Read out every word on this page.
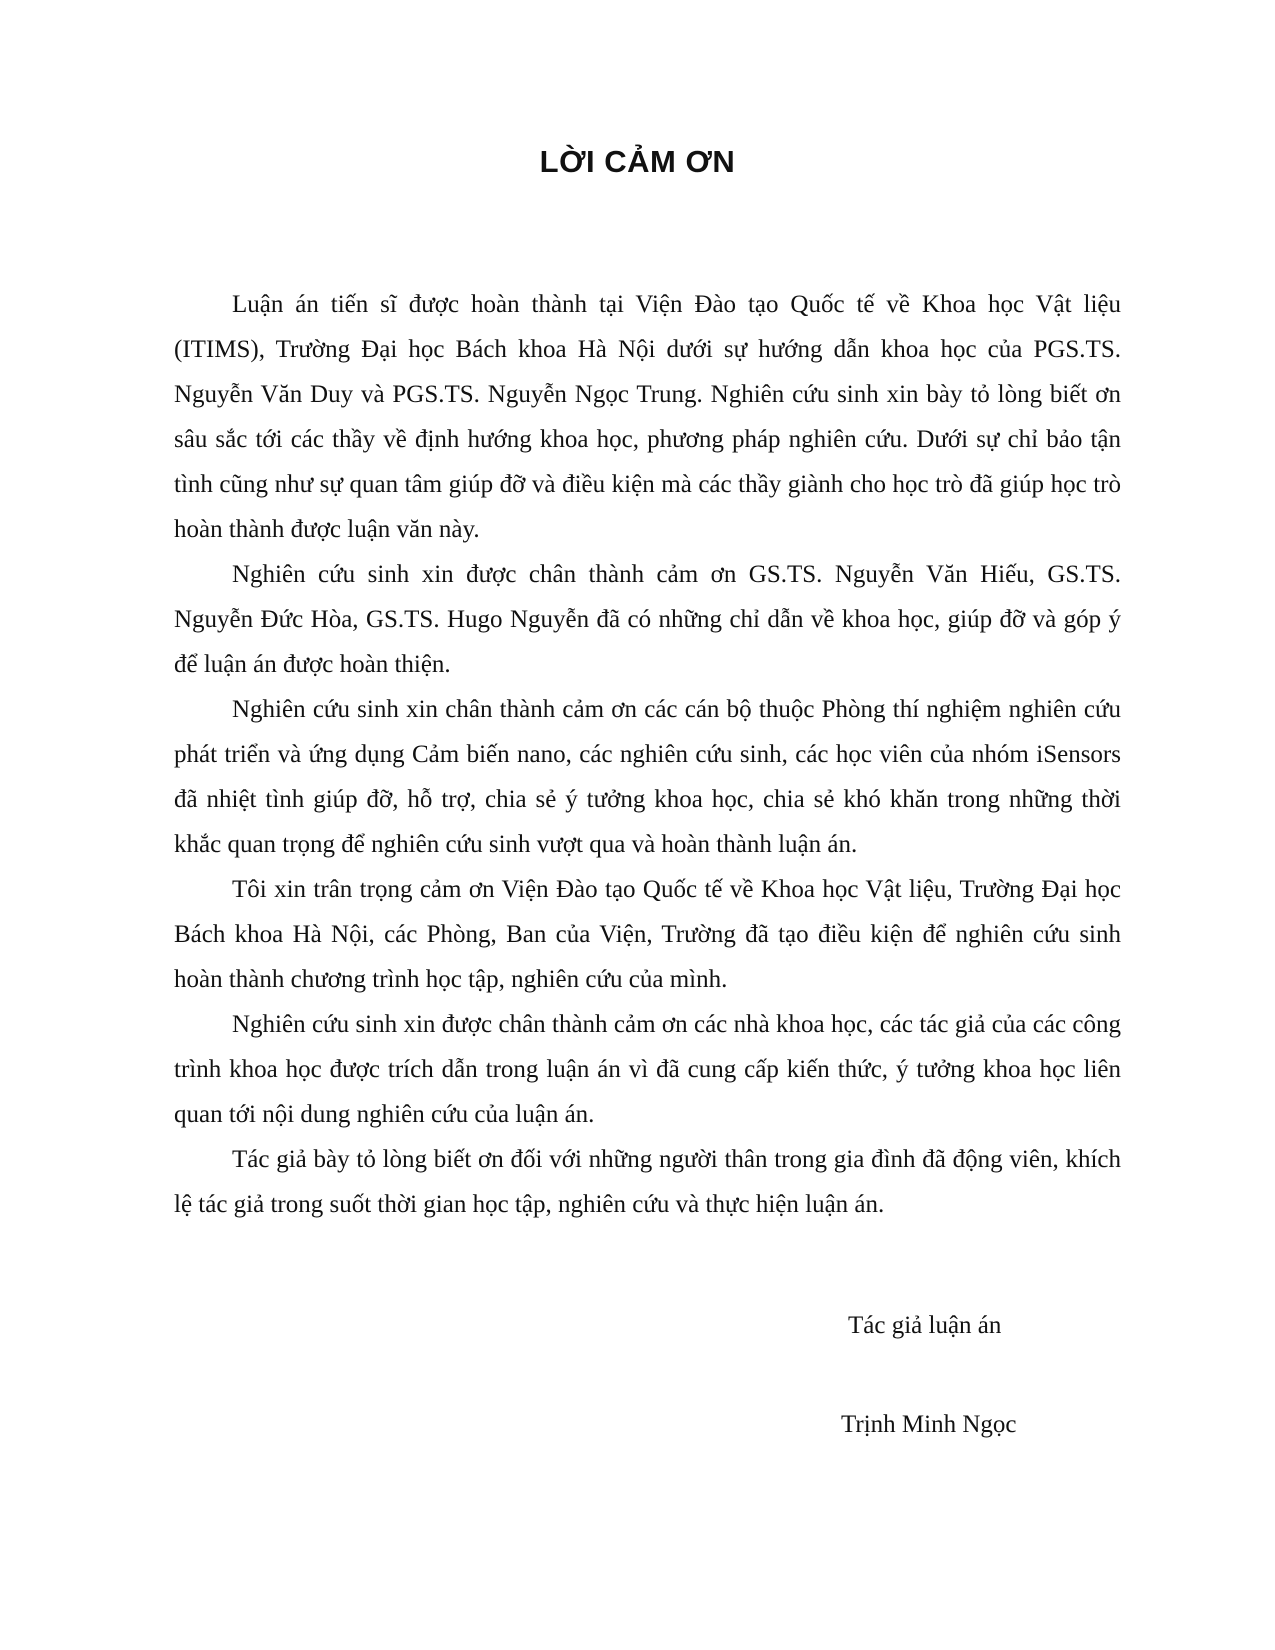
LỜI CẢM ƠN

Luận án tiến sĩ được hoàn thành tại Viện Đào tạo Quốc tế về Khoa học Vật liệu (ITIMS), Trường Đại học Bách khoa Hà Nội dưới sự hướng dẫn khoa học của PGS.TS. Nguyễn Văn Duy và PGS.TS. Nguyễn Ngọc Trung. Nghiên cứu sinh xin bày tỏ lòng biết ơn sâu sắc tới các thầy về định hướng khoa học, phương pháp nghiên cứu. Dưới sự chỉ bảo tận tình cũng như sự quan tâm giúp đỡ và điều kiện mà các thầy giành cho học trò đã giúp học trò hoàn thành được luận văn này.

Nghiên cứu sinh xin được chân thành cảm ơn GS.TS. Nguyễn Văn Hiếu, GS.TS. Nguyễn Đức Hòa, GS.TS. Hugo Nguyễn đã có những chỉ dẫn về khoa học, giúp đỡ và góp ý để luận án được hoàn thiện.

Nghiên cứu sinh xin chân thành cảm ơn các cán bộ thuộc Phòng thí nghiệm nghiên cứu phát triển và ứng dụng Cảm biến nano, các nghiên cứu sinh, các học viên của nhóm iSensors đã nhiệt tình giúp đỡ, hỗ trợ, chia sẻ ý tưởng khoa học, chia sẻ khó khăn trong những thời khắc quan trọng để nghiên cứu sinh vượt qua và hoàn thành luận án.

Tôi xin trân trọng cảm ơn Viện Đào tạo Quốc tế về Khoa học Vật liệu, Trường Đại học Bách khoa Hà Nội, các Phòng, Ban của Viện, Trường đã tạo điều kiện để nghiên cứu sinh hoàn thành chương trình học tập, nghiên cứu của mình.

Nghiên cứu sinh xin được chân thành cảm ơn các nhà khoa học, các tác giả của các công trình khoa học được trích dẫn trong luận án vì đã cung cấp kiến thức, ý tưởng khoa học liên quan tới nội dung nghiên cứu của luận án.

Tác giả bày tỏ lòng biết ơn đối với những người thân trong gia đình đã động viên, khích lệ tác giả trong suốt thời gian học tập, nghiên cứu và thực hiện luận án.

Tác giả luận án
Trịnh Minh Ngọc
